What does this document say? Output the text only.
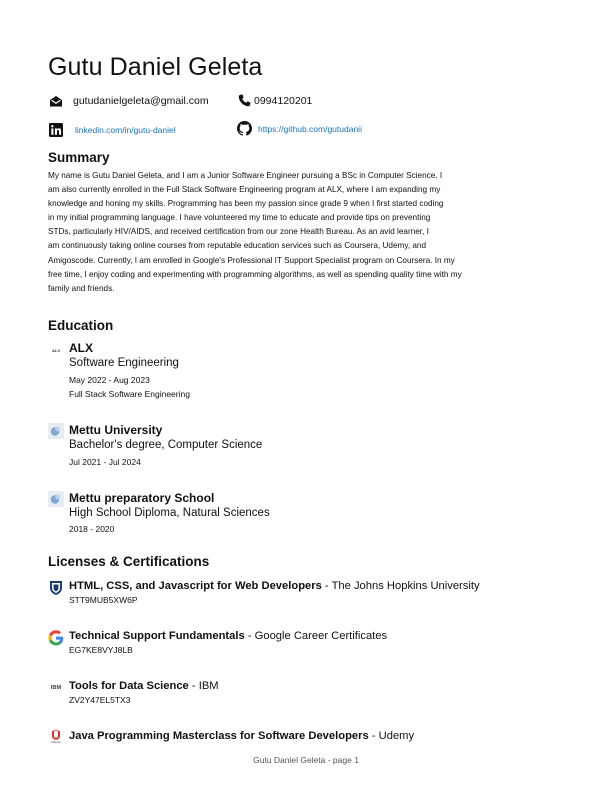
Gutu Daniel Geleta
gutudanielgeleta@gmail.com	0994120201
linkedin.com/in/gutu-daniel	https://github.com/gutudanii
Summary

My name is Gutu Daniel Geleta, and I am a Junior Software Engineer pursuing a BSc in Computer Science. I
am also currently enrolled in the Full Stack Software Engineering program at ALX, where I am expanding my
knowledge and honing my skills. Programming has been my passion since grade 9 when I first started coding
in my initial programming language. I have volunteered my time to educate and provide tips on preventing
STDs, particularly HIV/AIDS, and received certification from our zone Health Bureau. As an avid learner, I
am continuously taking online courses from reputable education services such as Coursera, Udemy, and
Amigoscode. Currently, I am enrolled in Google's Professional IT Support Specialist program on Coursera. In my
free time, I enjoy coding and experimenting with programming algorithms, as well as spending quality time with my
family and friends.

Education
ALX ALX
Software Engineering
May 2022 - Aug 2023
Full Stack Software Engineering
Mettu University
Bachelor's degree, Computer Science
Jul 2021 - Jul 2024
Mettu preparatory School
High School Diploma, Natural Sciences
2018 - 2020
Licenses & Certifications
HTML, CSS, and Javascript for Web Developers - The Johns Hopkins University
STT9MUB5XW6P
Technical Support Fundamentals - Google Career Certificates
EG7KE8VYJ8LB
IBM Tools for Data Science - IBM
ZV2Y47EL5TX3
Udemy Java Programming Masterclass for Software Developers - Udemy
Gutu Daniel Geleta - page 1
